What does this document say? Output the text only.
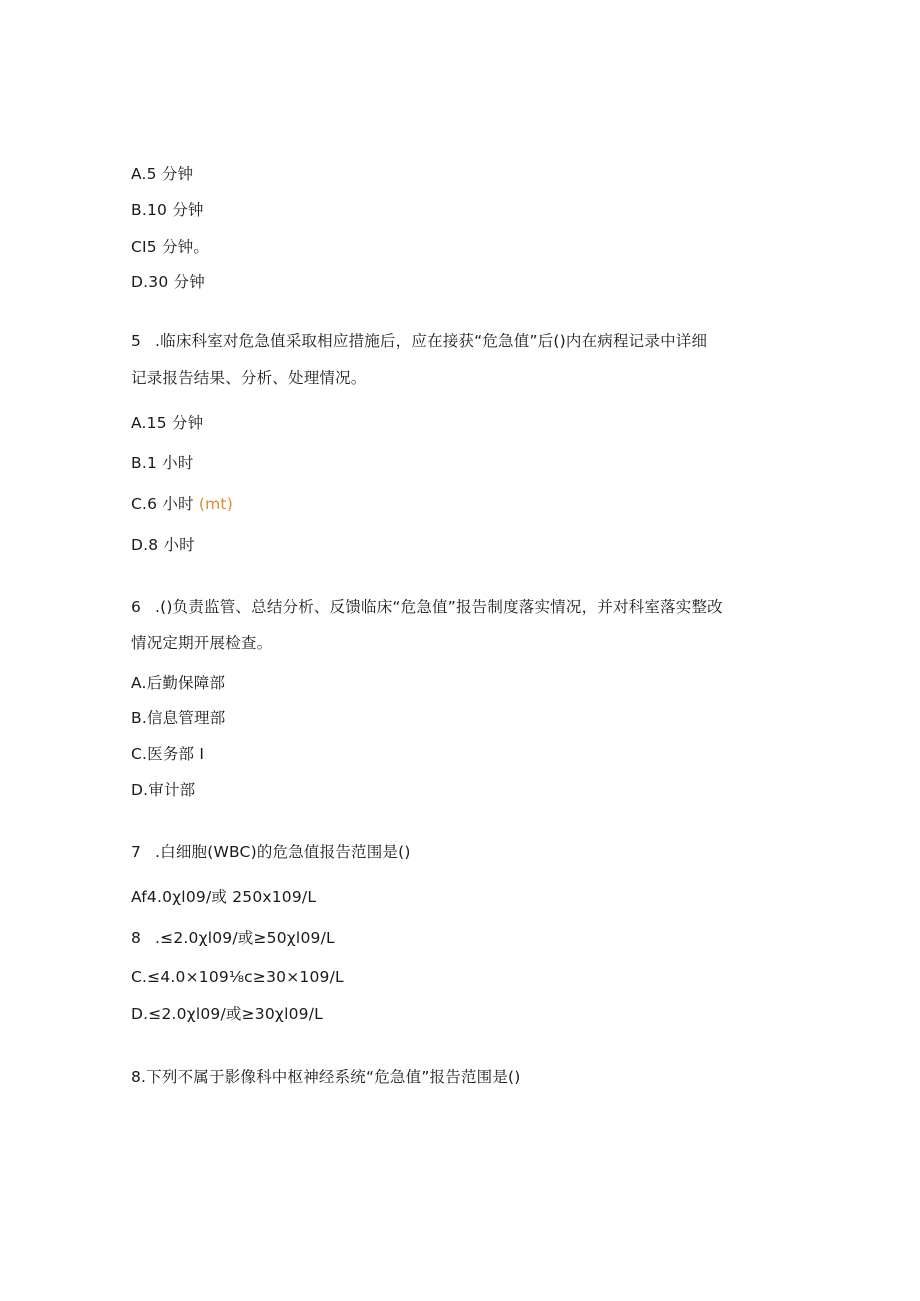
A.5 分钟
B.10 分钟
CI5 分钟。
D.30 分钟
5 .临床科室对危急值采取相应措施后，应在接获“危急值”后()内在病程记录中详细
记录报告结果、分析、处理情况。
A.15 分钟
B.1 小时
C.6 小时 (mt)
D.8 小时
6 .()负责监管、总结分析、反馈临床“危急值”报告制度落实情况，并对科室落实整改
情况定期开展检查。
A.后勤保障部
B.信息管理部
C.医务部 I
D.审计部
7 .白细胞(WBC)的危急值报告范围是()
Af4.0χl09/或 250x109/L
8 .≤2.0χl09/或≥50χl09/L
C.≤4.0×109⅛c≥30×109/L
D.≤2.0χl09/或≥30χl09∕L
8.下列不属于影像科中枢神经系统“危急值”报告范围是()
